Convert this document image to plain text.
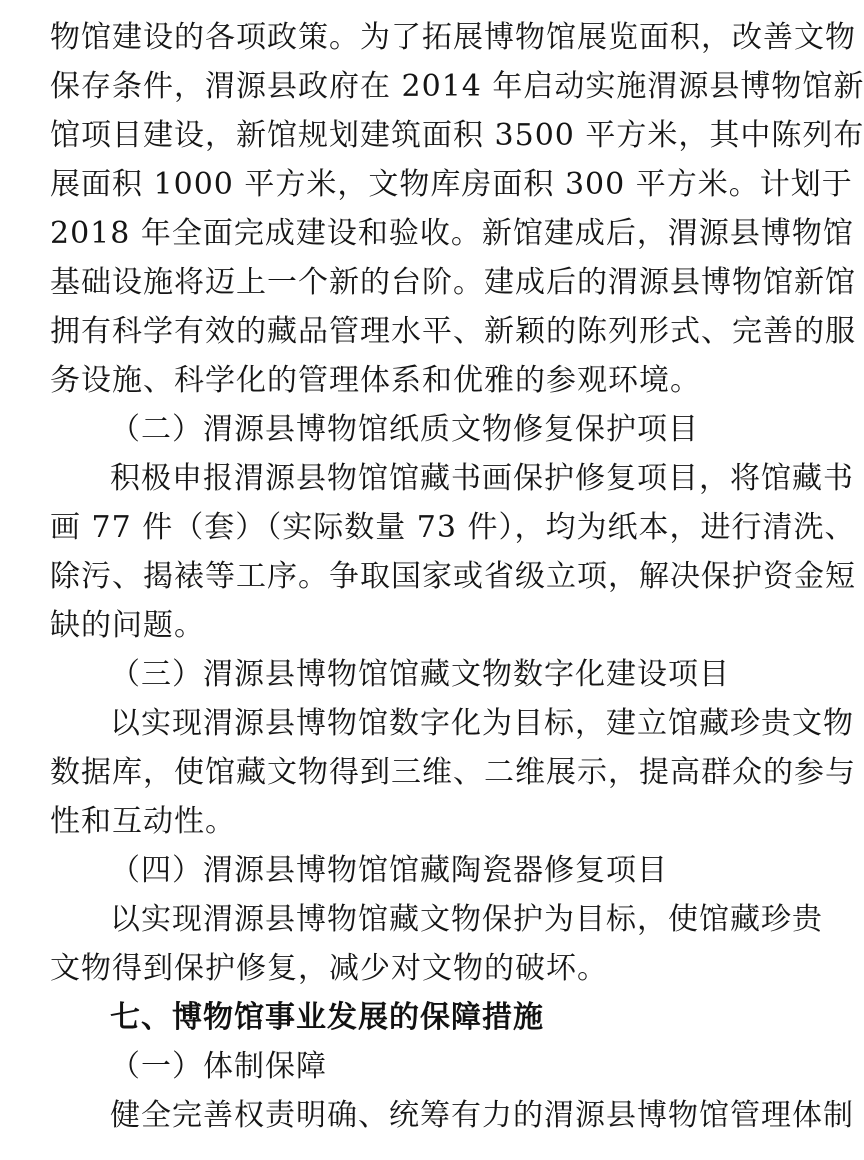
物馆建设的各项政策。为了拓展博物馆展览面积，改善文物
保存条件，渭源县政府在 2014 年启动实施渭源县博物馆新
馆项目建设，新馆规划建筑面积 3500 平方米，其中陈列布
展面积 1000 平方米，文物库房面积 300 平方米。计划于
2018 年全面完成建设和验收。新馆建成后，渭源县博物馆
基础设施将迈上一个新的台阶。建成后的渭源县博物馆新馆
拥有科学有效的藏品管理水平、新颖的陈列形式、完善的服
务设施、科学化的管理体系和优雅的参观环境。
（二）渭源县博物馆纸质文物修复保护项目
积极申报渭源县物馆馆藏书画保护修复项目，将馆藏书
画 77 件（套）（实际数量 73 件），均为纸本，进行清洗、
除污、揭裱等工序。争取国家或省级立项，解决保护资金短
缺的问题。
（三）渭源县博物馆馆藏文物数字化建设项目
以实现渭源县博物馆数字化为目标，建立馆藏珍贵文物
数据库，使馆藏文物得到三维、二维展示，提高群众的参与
性和互动性。
（四）渭源县博物馆馆藏陶瓷器修复项目
以实现渭源县博物馆藏文物保护为目标，使馆藏珍贵
文物得到保护修复，减少对文物的破坏。
七、博物馆事业发展的保障措施
（一）体制保障
健全完善权责明确、统筹有力的渭源县博物馆管理体制
